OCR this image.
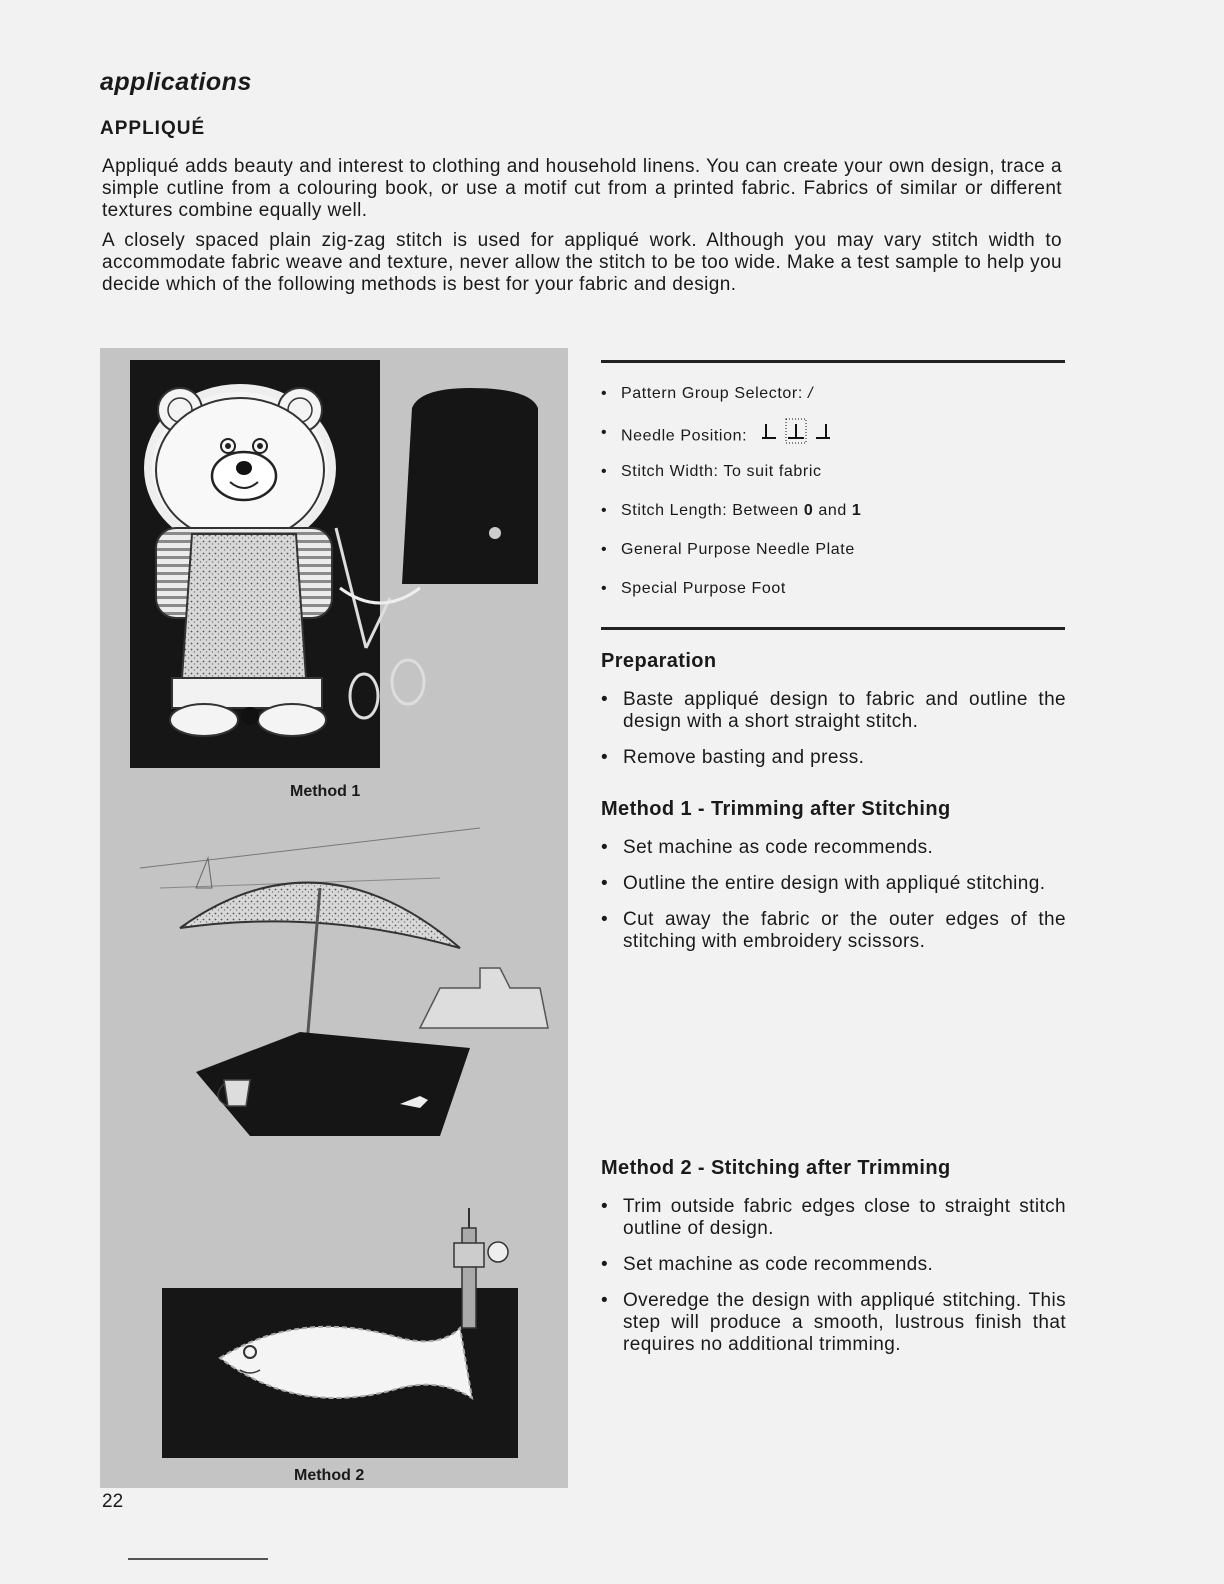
applications
APPLIQUÉ

Appliqué adds beauty and interest to clothing and household linens. You can create your own design, trace a simple cutline from a colouring book, or use a motif cut from a printed fabric. Fabrics of similar or different textures combine equally well.

A closely spaced plain zig-zag stitch is used for appliqué work. Although you may vary stitch width to accommodate fabric weave and texture, never allow the stitch to be too wide. Make a test sample to help you decide which of the following methods is best for your fabric and design.

Method 1
Method 2
• Pattern Group Selector: /
• Needle Position:
• Stitch Width: To suit fabric
• Stitch Length: Between 0 and 1
• General Purpose Needle Plate
• Special Purpose Foot
Preparation
• Baste appliqué design to fabric and outline the design with a short straight stitch.
• Remove basting and press.
Method 1 - Trimming after Stitching
• Set machine as code recommends.
• Outline the entire design with appliqué stitching.
• Cut away the fabric or the outer edges of the stitching with embroidery scissors.
Method 2 - Stitching after Trimming
• Trim outside fabric edges close to straight stitch outline of design.
• Set machine as code recommends.
• Overedge the design with appliqué stitching. This step will produce a smooth, lustrous finish that requires no additional trimming.
22
